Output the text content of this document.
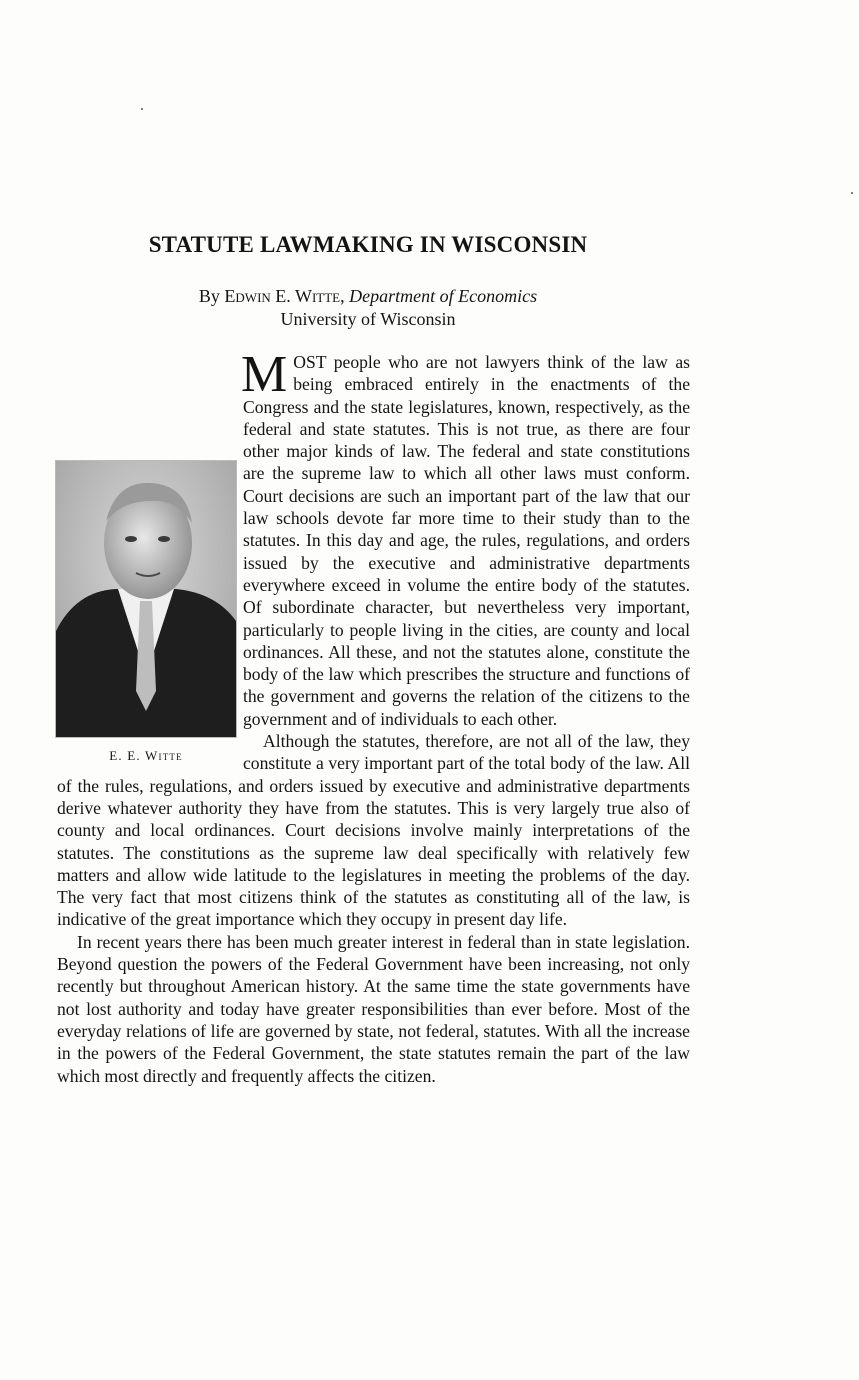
STATUTE LAWMAKING IN WISCONSIN
By Edwin E. Witte, Department of Economics
University of Wisconsin

M OST people who are not lawyers think of the law as being embraced entirely in the enactments of the Congress and the state legislatures, known, respectively, as the federal and state statutes. This is not true, as there are four other major kinds of law. The federal and state constitutions are the supreme law to which all other laws must conform. Court decisions are such an important part of the law that our law schools devote far more time to their study than to the statutes. In this day and age, the rules, regulations, and orders issued by the executive and administrative departments everywhere exceed in volume the entire body of the statutes. Of subordinate character, but nevertheless very important, particularly to people living in the cities, are county and local ordinances. All these, and not the statutes alone, constitute the body of the law which prescribes the structure and functions of the government and governs the relation of the citizens to the government and of individuals to each other.

Although the statutes, therefore, are not all of the law, they constitute a very important part of the total body of the law. All of the rules, regulations, and orders issued by executive and administrative departments derive whatever authority they have from the statutes. This is very largely true also of county and local ordinances. Court decisions involve mainly interpretations of the statutes. The constitutions as the supreme law deal specifically with relatively few matters and allow wide latitude to the legislatures in meeting the problems of the day. The very fact that most citizens think of the statutes as constituting all of the law, is indicative of the great importance which they occupy in present day life.

In recent years there has been much greater interest in federal than in state legislation. Beyond question the powers of the Federal Government have been increasing, not only recently but throughout American history. At the same time the state governments have not lost authority and today have greater responsibilities than ever before. Most of the everyday relations of life are governed by state, not federal, statutes. With all the increase in the powers of the Federal Government, the state statutes remain the part of the law which most directly and frequently affects the citizen.

E. E. Witte
